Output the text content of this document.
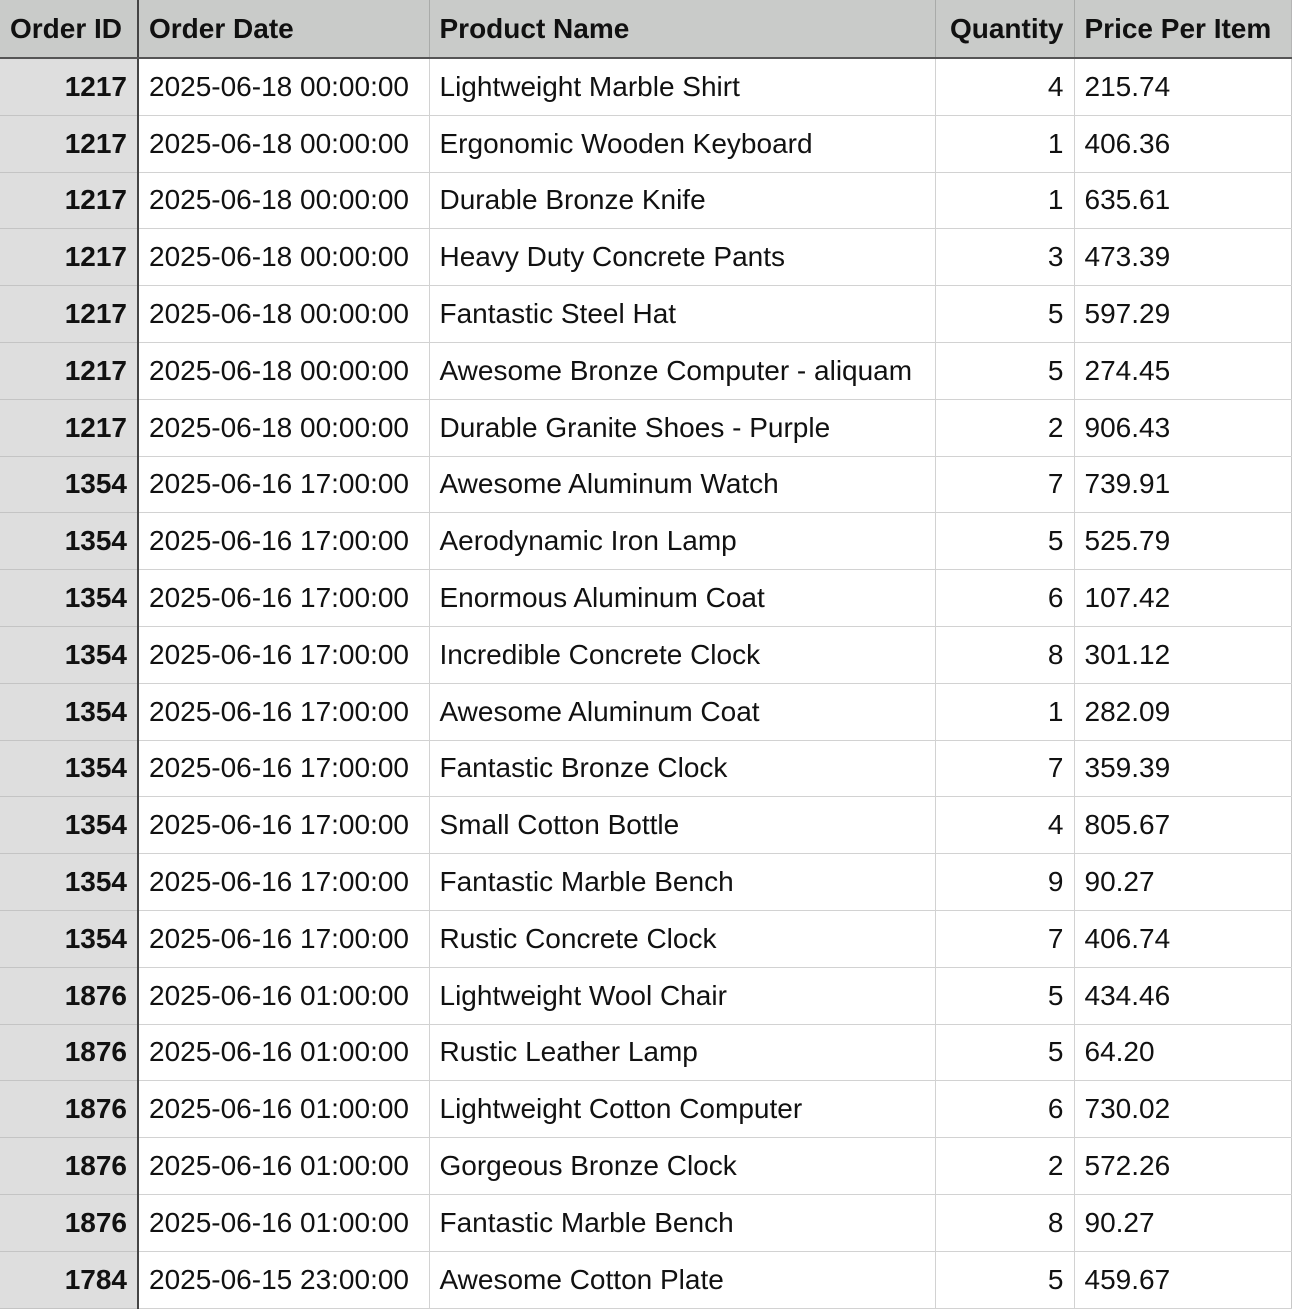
Order ID	Order Date	Product Name	Quantity	Price Per Item
1217	2025-06-18 00:00:00	Lightweight Marble Shirt	4	215.74
1217	2025-06-18 00:00:00	Ergonomic Wooden Keyboard	1	406.36
1217	2025-06-18 00:00:00	Durable Bronze Knife	1	635.61
1217	2025-06-18 00:00:00	Heavy Duty Concrete Pants	3	473.39
1217	2025-06-18 00:00:00	Fantastic Steel Hat	5	597.29
1217	2025-06-18 00:00:00	Awesome Bronze Computer - aliquam	5	274.45
1217	2025-06-18 00:00:00	Durable Granite Shoes - Purple	2	906.43
1354	2025-06-16 17:00:00	Awesome Aluminum Watch	7	739.91
1354	2025-06-16 17:00:00	Aerodynamic Iron Lamp	5	525.79
1354	2025-06-16 17:00:00	Enormous Aluminum Coat	6	107.42
1354	2025-06-16 17:00:00	Incredible Concrete Clock	8	301.12
1354	2025-06-16 17:00:00	Awesome Aluminum Coat	1	282.09
1354	2025-06-16 17:00:00	Fantastic Bronze Clock	7	359.39
1354	2025-06-16 17:00:00	Small Cotton Bottle	4	805.67
1354	2025-06-16 17:00:00	Fantastic Marble Bench	9	90.27
1354	2025-06-16 17:00:00	Rustic Concrete Clock	7	406.74
1876	2025-06-16 01:00:00	Lightweight Wool Chair	5	434.46
1876	2025-06-16 01:00:00	Rustic Leather Lamp	5	64.20
1876	2025-06-16 01:00:00	Lightweight Cotton Computer	6	730.02
1876	2025-06-16 01:00:00	Gorgeous Bronze Clock	2	572.26
1876	2025-06-16 01:00:00	Fantastic Marble Bench	8	90.27
1784	2025-06-15 23:00:00	Awesome Cotton Plate	5	459.67
